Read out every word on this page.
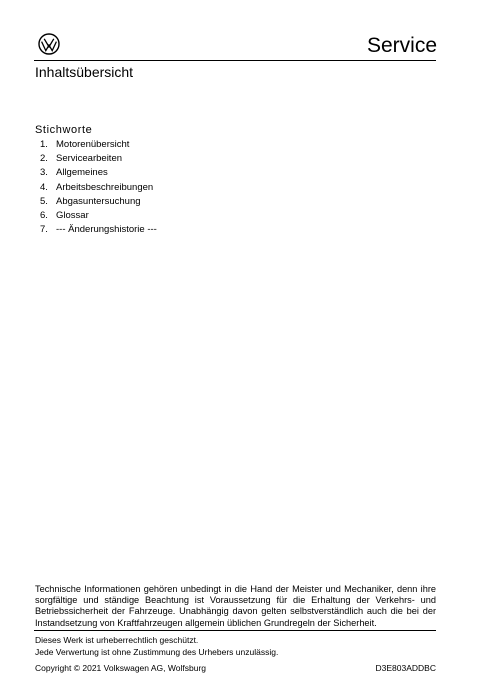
Service
Inhaltsübersicht
Stichworte
1. Motorenübersicht
2. Servicearbeiten
3. Allgemeines
4. Arbeitsbeschreibungen
5. Abgasuntersuchung
6. Glossar
7. --- Änderungshistorie ---

Technische Informationen gehören unbedingt in die Hand der Meister und Mechaniker, denn ihre sorgfältige und ständige Beachtung ist Voraussetzung für die Erhaltung der Verkehrs- und Betriebssicherheit der Fahrzeuge. Unabhängig davon gelten selbstverständlich auch die bei der Instandsetzung von Kraftfahrzeugen allgemein üblichen Grundregeln der Sicherheit.

Dieses Werk ist urheberrechtlich geschützt.
Jede Verwertung ist ohne Zustimmung des Urhebers unzulässig.
Copyright © 2021 Volkswagen AG, Wolfsburg	D3E803ADDBC
